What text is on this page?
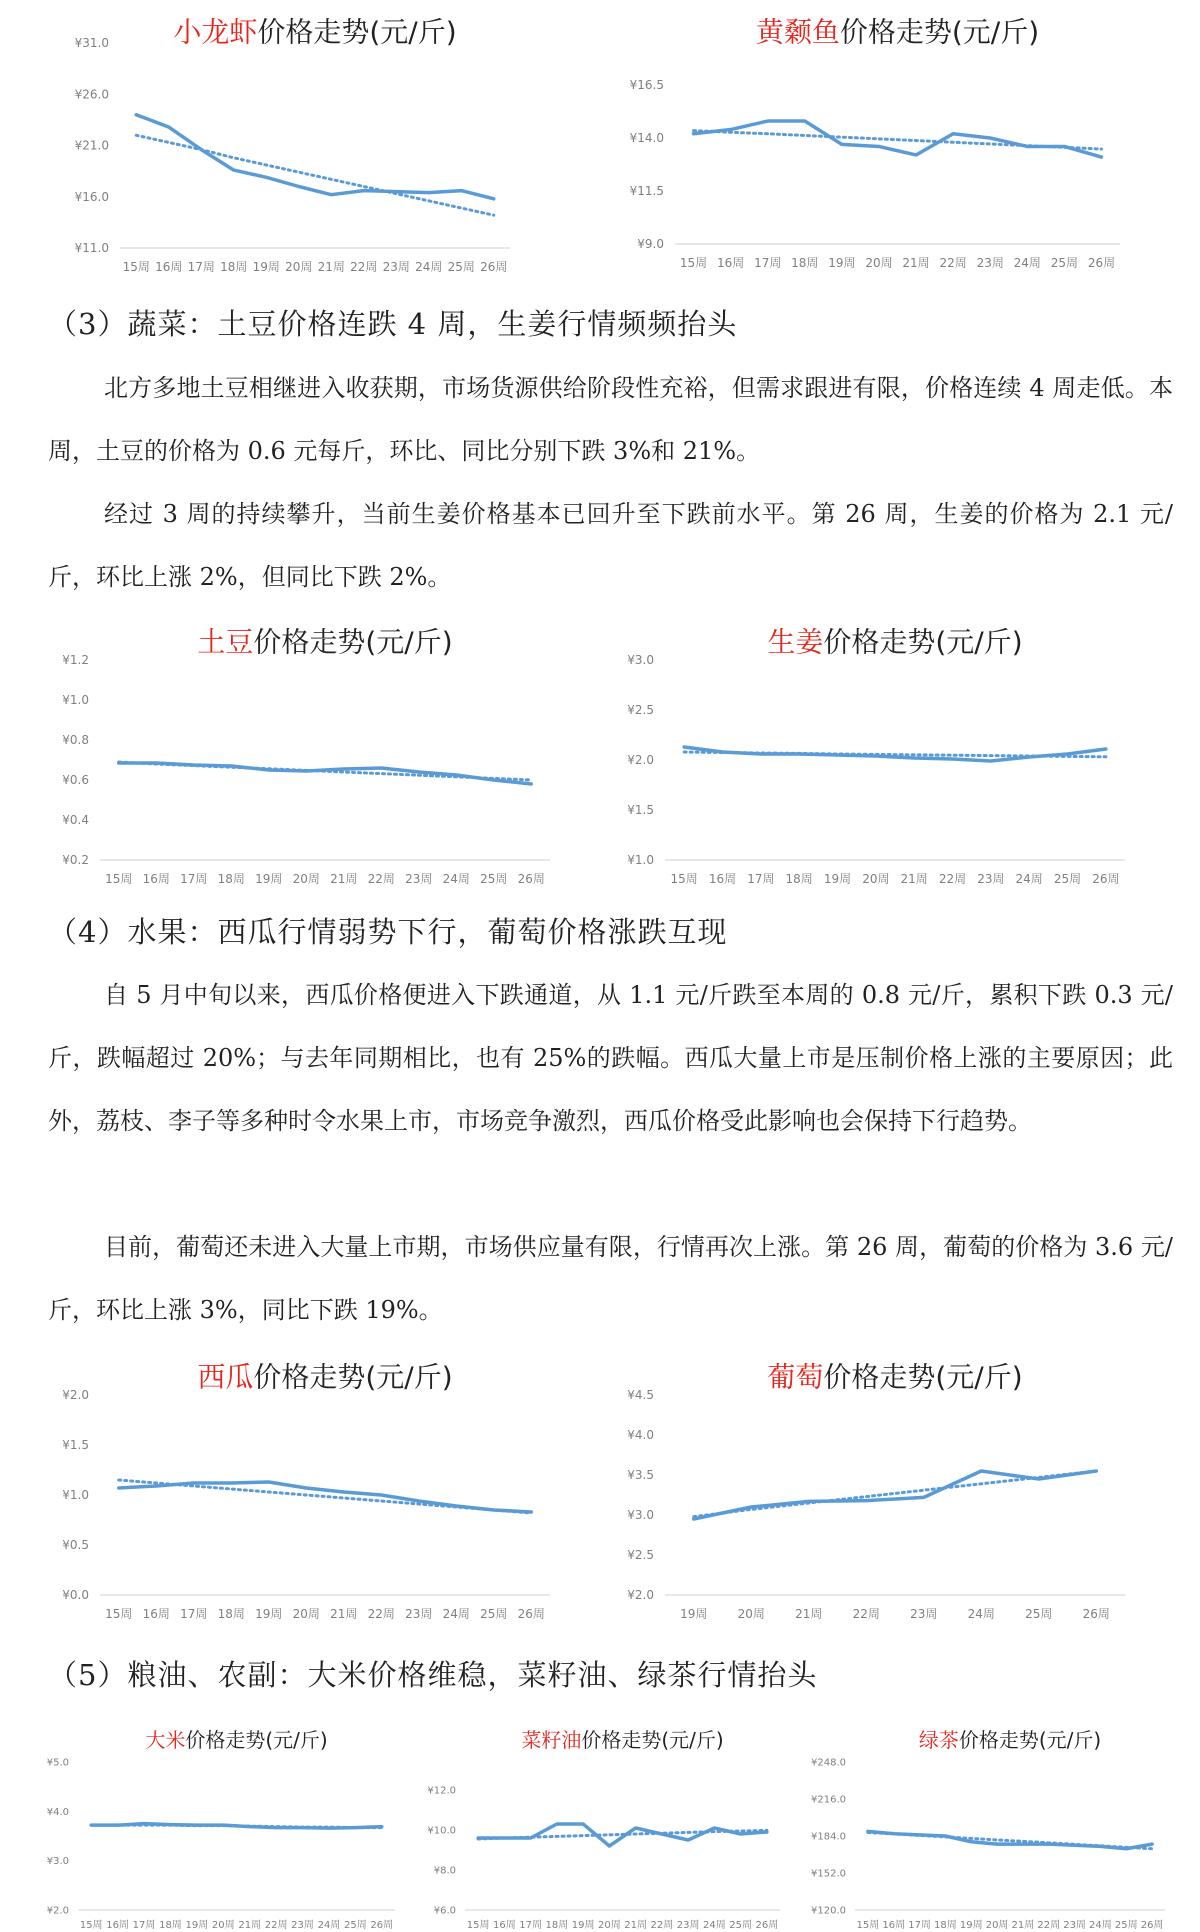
小龙虾价格走势(元/斤)
¥11.0
¥16.0
¥21.0
¥26.0
¥31.0
15周 16周 17周 18周 19周 20周 21周 22周 23周 24周 25周 26周
黄颡鱼价格走势(元/斤)
¥9.0
¥11.5
¥14.0
¥16.5
15周 16周 17周 18周 19周 20周 21周 22周 23周 24周 25周 26周
（3）蔬菜：土豆价格连跌 4 周，生姜行情频频抬头
北方多地土豆相继进入收获期，市场货源供给阶段性充裕，但需求跟进有限，价格连续 4 周走低。本周，土豆的价格为 0.6 元每斤，环比、同比分别下跌 3%和 21%。
经过 3 周的持续攀升，当前生姜价格基本已回升至下跌前水平。第 26 周，生姜的价格为 2.1 元/斤，环比上涨 2%，但同比下跌 2%。
土豆价格走势(元/斤)
¥0.2
¥0.4
¥0.6
¥0.8
¥1.0
¥1.2
15周 16周 17周 18周 19周 20周 21周 22周 23周 24周 25周 26周
生姜价格走势(元/斤)
¥1.0
¥1.5
¥2.0
¥2.5
¥3.0
15周 16周 17周 18周 19周 20周 21周 22周 23周 24周 25周 26周
（4）水果：西瓜行情弱势下行，葡萄价格涨跌互现
自 5 月中旬以来，西瓜价格便进入下跌通道，从 1.1 元/斤跌至本周的 0.8 元/斤，累积下跌 0.3 元/斤，跌幅超过 20%；与去年同期相比，也有 25%的跌幅。西瓜大量上市是压制价格上涨的主要原因；此外，荔枝、李子等多种时令水果上市，市场竞争激烈，西瓜价格受此影响也会保持下行趋势。
目前，葡萄还未进入大量上市期，市场供应量有限，行情再次上涨。第 26 周，葡萄的价格为 3.6 元/斤，环比上涨 3%，同比下跌 19%。
西瓜价格走势(元/斤)
¥0.0
¥0.5
¥1.0
¥1.5
¥2.0
15周 16周 17周 18周 19周 20周 21周 22周 23周 24周 25周 26周
葡萄价格走势(元/斤)
¥2.0
¥2.5
¥3.0
¥3.5
¥4.0
¥4.5
19周	20周	21周	22周	23周	24周	25周	26周
（5）粮油、农副：大米价格维稳，菜籽油、绿茶行情抬头
大米价格走势(元/斤)
¥2.0
¥3.0
¥4.0
¥5.0
15周 16周 17周 18周 19周 20周 21周 22周 23周 24周 25周 26周
菜籽油价格走势(元/斤)
¥6.0
¥8.0
¥10.0
¥12.0
15周 16周 17周 18周 19周 20周 21周 22周 23周 24周 25周 26周
绿茶价格走势(元/斤)
¥120.0
¥152.0
¥184.0
¥216.0
¥248.0
15周 16周 17周 18周 19周 20周 21周 22周 23周 24周 25周 26周
